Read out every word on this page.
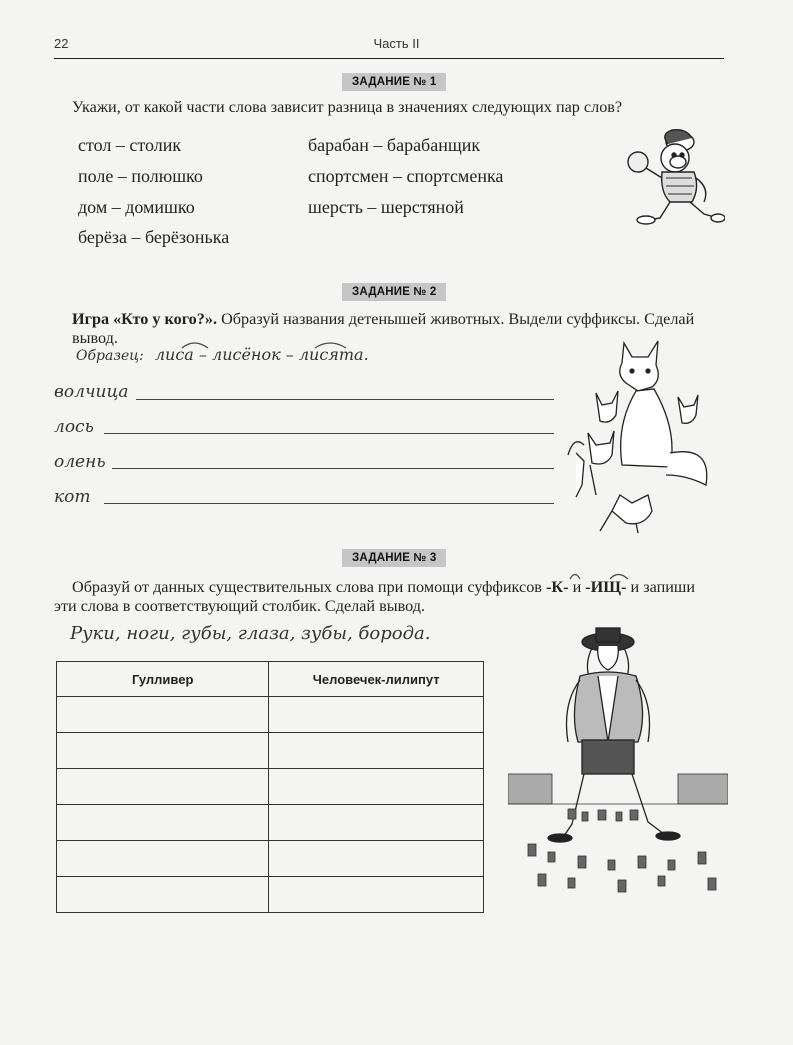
22	Часть II
ЗАДАНИЕ № 1
Укажи, от какой части слова зависит разница в значениях следующих пар слов?
стол – столик
поле – полюшко
дом – домишко
берёза – берёзонька
барабан – барабанщик
спортсмен – спортсменка
шерсть – шерстяной
ЗАДАНИЕ № 2
Игра «Кто у кого?». Образуй названия детенышей животных. Выдели суффиксы. Сделай вывод.
Образец: лиса – лисёнок – лисята.
волчица
лось
олень
кот
ЗАДАНИЕ № 3
Образуй от данных существительных слова при помощи суффиксов -К- и -ИЩ- и запиши
эти слова в соответствующий столбик. Сделай вывод.
Руки, ноги, губы, глаза, зубы, борода.
Гулливер	Человечек-лилипут
